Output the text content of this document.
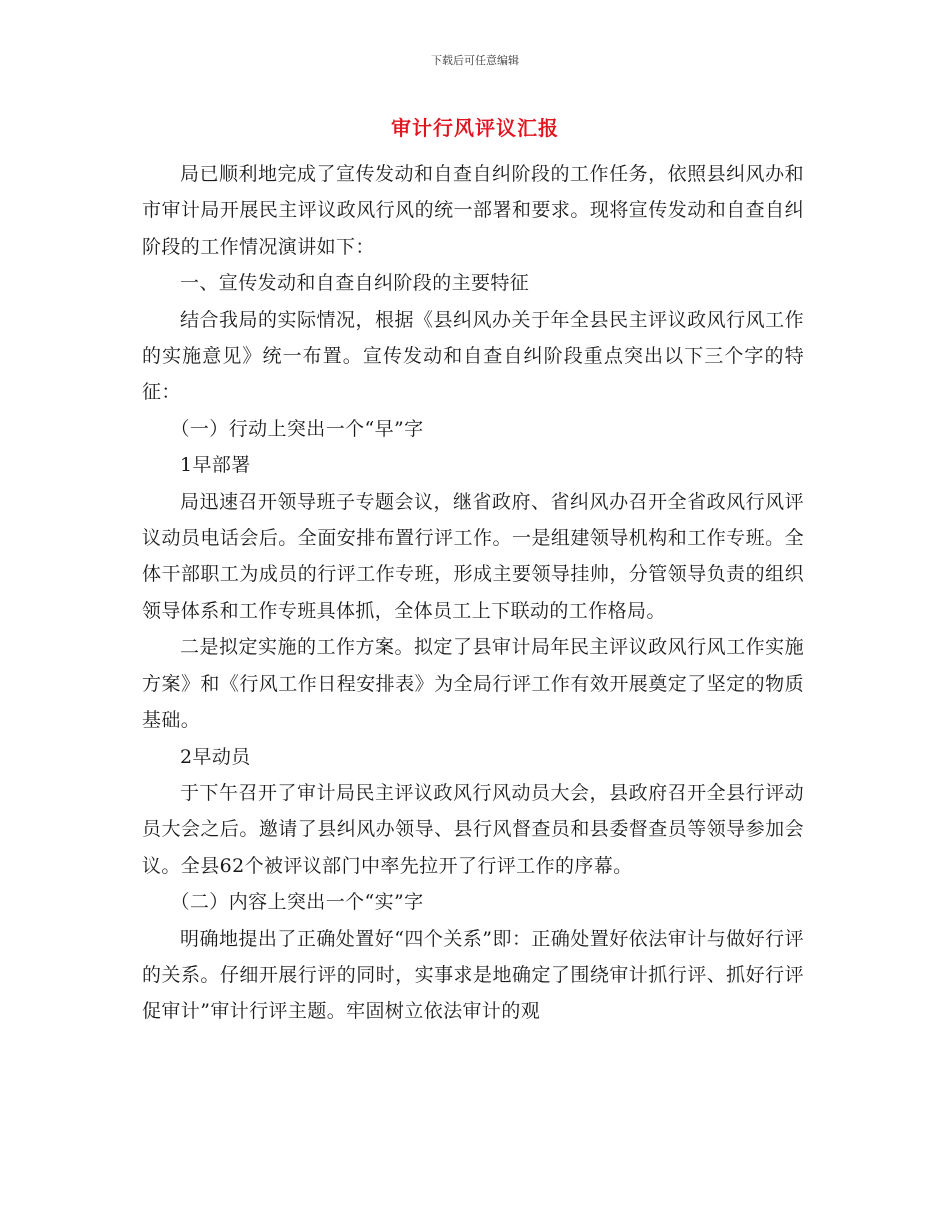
下载后可任意编辑
审计行风评议汇报

局已顺利地完成了宣传发动和自查自纠阶段的工作任务，依照县纠风办和市审计局开展民主评议政风行风的统一部署和要求。现将宣传发动和自查自纠阶段的工作情况演讲如下：

一、宣传发动和自查自纠阶段的主要特征

结合我局的实际情况，根据《县纠风办关于年全县民主评议政风行风工作的实施意见》统一布置。宣传发动和自查自纠阶段重点突出以下三个字的特征：

（一）行动上突出一个“早”字

1早部署

局迅速召开领导班子专题会议，继省政府、省纠风办召开全省政风行风评议动员电话会后。全面安排布置行评工作。一是组建领导机构和工作专班。全体干部职工为成员的行评工作专班，形成主要领导挂帅，分管领导负责的组织领导体系和工作专班具体抓，全体员工上下联动的工作格局。

二是拟定实施的工作方案。拟定了县审计局年民主评议政风行风工作实施方案》和《行风工作日程安排表》为全局行评工作有效开展奠定了坚定的物质基础。

2早动员

于下午召开了审计局民主评议政风行风动员大会，县政府召开全县行评动员大会之后。邀请了县纠风办领导、县行风督查员和县委督查员等领导参加会议。全县62个被评议部门中率先拉开了行评工作的序幕。

（二）内容上突出一个“实”字

明确地提出了正确处置好“四个关系”即：正确处置好依法审计与做好行评的关系。仔细开展行评的同时，实事求是地确定了围绕审计抓行评、抓好行评促审计”审计行评主题。牢固树立依法审计的观
